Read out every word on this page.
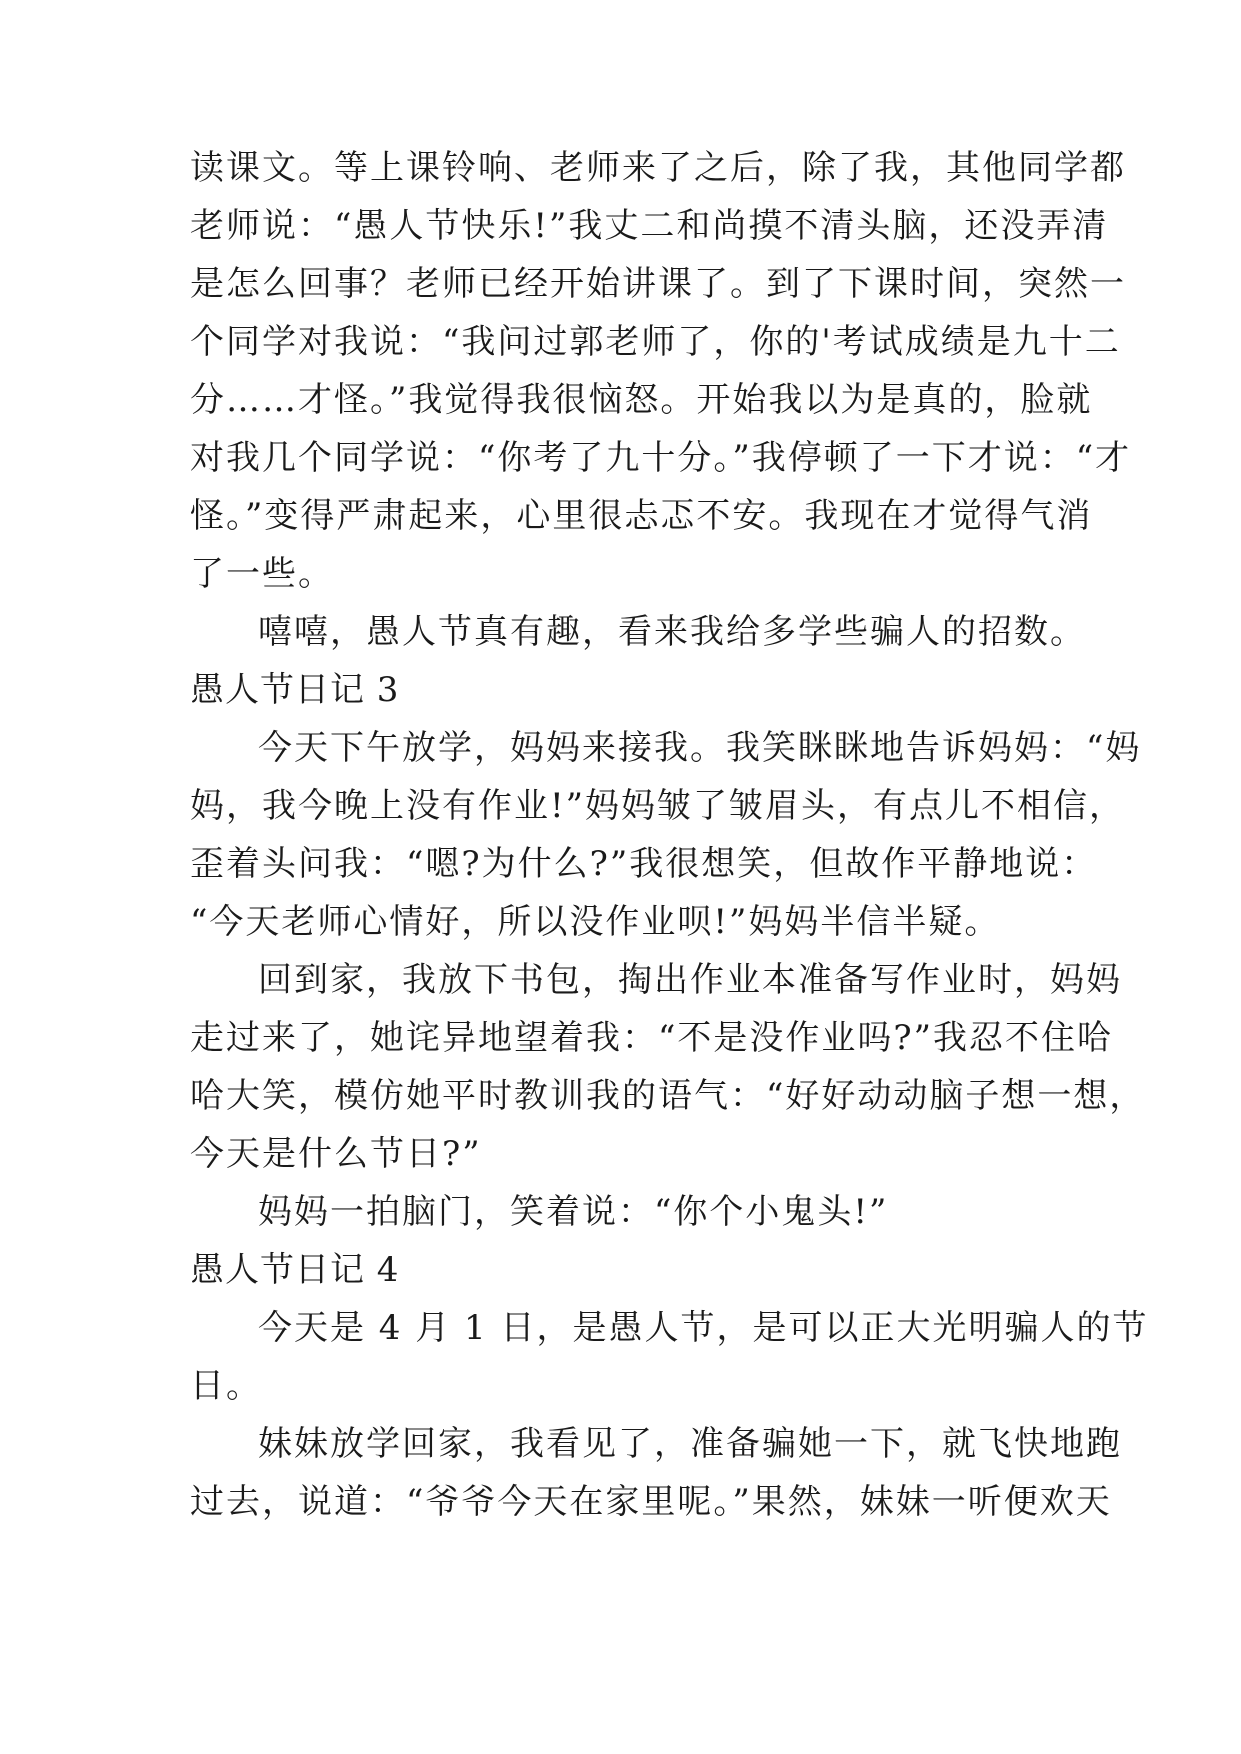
读课文。等上课铃响、老师来了之后，除了我，其他同学都
老师说：“愚人节快乐!”我丈二和尚摸不清头脑，还没弄清
是怎么回事？老师已经开始讲课了。到了下课时间，突然一
个同学对我说：“我问过郭老师了，你的'考试成绩是九十二
分……才怪。”我觉得我很恼怒。开始我以为是真的，脸就
对我几个同学说：“你考了九十分。”我停顿了一下才说：“才
怪。”变得严肃起来，心里很忐忑不安。我现在才觉得气消
了一些。
嘻嘻，愚人节真有趣，看来我给多学些骗人的招数。
愚人节日记 3
今天下午放学，妈妈来接我。我笑眯眯地告诉妈妈：“妈
妈，我今晚上没有作业!”妈妈皱了皱眉头，有点儿不相信，
歪着头问我：“嗯?为什么?”我很想笑，但故作平静地说：
“今天老师心情好，所以没作业呗!”妈妈半信半疑。
回到家，我放下书包，掏出作业本准备写作业时，妈妈
走过来了，她诧异地望着我：“不是没作业吗?”我忍不住哈
哈大笑，模仿她平时教训我的语气：“好好动动脑子想一想，
今天是什么节日?”
妈妈一拍脑门，笑着说：“你个小鬼头!”
愚人节日记 4
今天是 4 月 1 日，是愚人节，是可以正大光明骗人的节
日。
妹妹放学回家，我看见了，准备骗她一下，就飞快地跑
过去，说道：“爷爷今天在家里呢。”果然，妹妹一听便欢天
